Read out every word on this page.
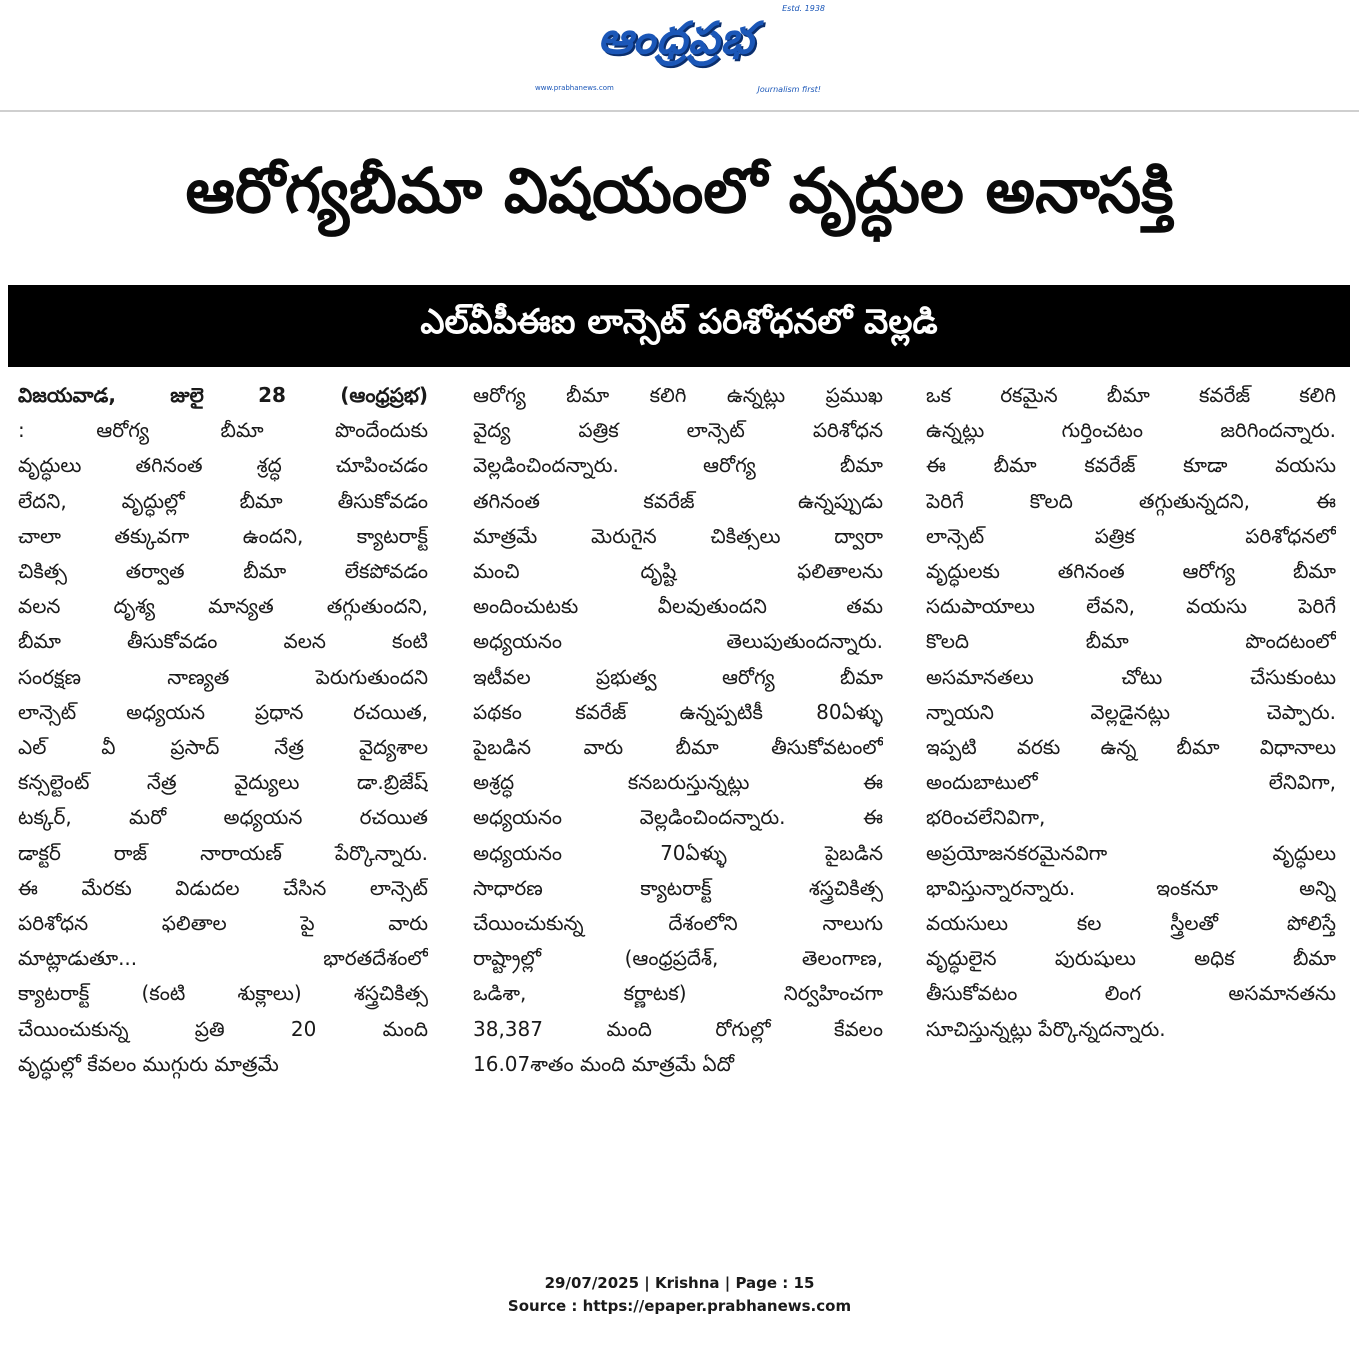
Estd. 1938
ఆంధ్రప్రభ
www.prabhanews.com	Journalism first!
ఆరోగ్యబీమా విషయంలో వృద్ధుల అనాసక్తి
ఎల్‌వీపీఈఐ లాన్సెట్ పరిశోధనలో వెల్లడి
విజయవాడ, జులై 28 (ఆంధ్రప్రభ)
: ఆరోగ్య బీమా పొందేందుకు
వృద్ధులు తగినంత శ్రద్ధ చూపించడం
లేదని, వృద్ధుల్లో బీమా తీసుకోవడం
చాలా తక్కువగా ఉందని, క్యాటరాక్ట్
చికిత్స తర్వాత బీమా లేకపోవడం
వలన దృశ్య మాన్యత తగ్గుతుందని,
బీమా తీసుకోవడం వలన కంటి
సంరక్షణ నాణ్యత పెరుగుతుందని
లాన్సెట్ అధ్యయన ప్రధాన రచయిత,
ఎల్ వీ ప్రసాద్ నేత్ర వైద్యశాల
కన్సల్టెంట్ నేత్ర వైద్యులు డా.బ్రిజేష్
టక్కర్, మరో అధ్యయన రచయిత
డాక్టర్ రాజ్ నారాయణ్ పేర్కొన్నారు.
ఈ మేరకు విడుదల చేసిన లాన్సెట్
పరిశోధన ఫలితాల పై వారు
మాట్లాడుతూ... భారతదేశంలో
క్యాటరాక్ట్ (కంటి శుక్లాలు) శస్త్రచికిత్స
చేయించుకున్న ప్రతి 20 మంది
వృద్ధుల్లో కేవలం ముగ్గురు మాత్రమే
ఆరోగ్య బీమా కలిగి ఉన్నట్లు ప్రముఖ
వైద్య పత్రిక లాన్సెట్ పరిశోధన
వెల్లడించిందన్నారు. ఆరోగ్య బీమా
తగినంత కవరేజ్ ఉన్నప్పుడు
మాత్రమే మెరుగైన చికిత్సలు ద్వారా
మంచి దృష్టి ఫలితాలను
అందించుటకు వీలవుతుందని తమ
అధ్యయనం తెలుపుతుందన్నారు.
ఇటీవల ప్రభుత్వ ఆరోగ్య బీమా
పథకం కవరేజ్ ఉన్నప్పటికీ 80ఏళ్ళు
పైబడిన వారు బీమా తీసుకోవటంలో
అశ్రద్ధ కనబరుస్తున్నట్లు ఈ
అధ్యయనం వెల్లడించిందన్నారు. ఈ
అధ్యయనం 70ఏళ్ళు పైబడిన
సాధారణ క్యాటరాక్ట్ శస్త్రచికిత్స
చేయించుకున్న దేశంలోని నాలుగు
రాష్ట్రాల్లో (ఆంధ్రప్రదేశ్, తెలంగాణ,
ఒడిశా, కర్ణాటక) నిర్వహించగా
38,387 మంది రోగుల్లో కేవలం
16.07శాతం మంది మాత్రమే ఏదో
ఒక రకమైన బీమా కవరేజ్ కలిగి
ఉన్నట్లు గుర్తించటం జరిగిందన్నారు.
ఈ బీమా కవరేజ్ కూడా వయసు
పెరిగే కొలది తగ్గుతున్నదని, ఈ
లాన్సెట్ పత్రిక పరిశోధనలో
వృద్ధులకు తగినంత ఆరోగ్య బీమా
సదుపాయాలు లేవని, వయసు పెరిగే
కొలది బీమా పొందటంలో
అసమానతలు చోటు చేసుకుంటు
న్నాయని వెల్లడైనట్లు చెప్పారు.
ఇప్పటి వరకు ఉన్న బీమా విధానాలు
అందుబాటులో లేనివిగా,
భరించలేనివిగా,
అప్రయోజనకరమైనవిగా వృద్ధులు
భావిస్తున్నారన్నారు. ఇంకనూ అన్ని
వయసులు కల స్త్రీలతో పోలిస్తే
వృద్ధులైన పురుషులు అధిక బీమా
తీసుకోవటం లింగ అసమానతను
సూచిస్తున్నట్లు పేర్కొన్నదన్నారు.
29/07/2025 | Krishna | Page : 15
Source : https://epaper.prabhanews.com
